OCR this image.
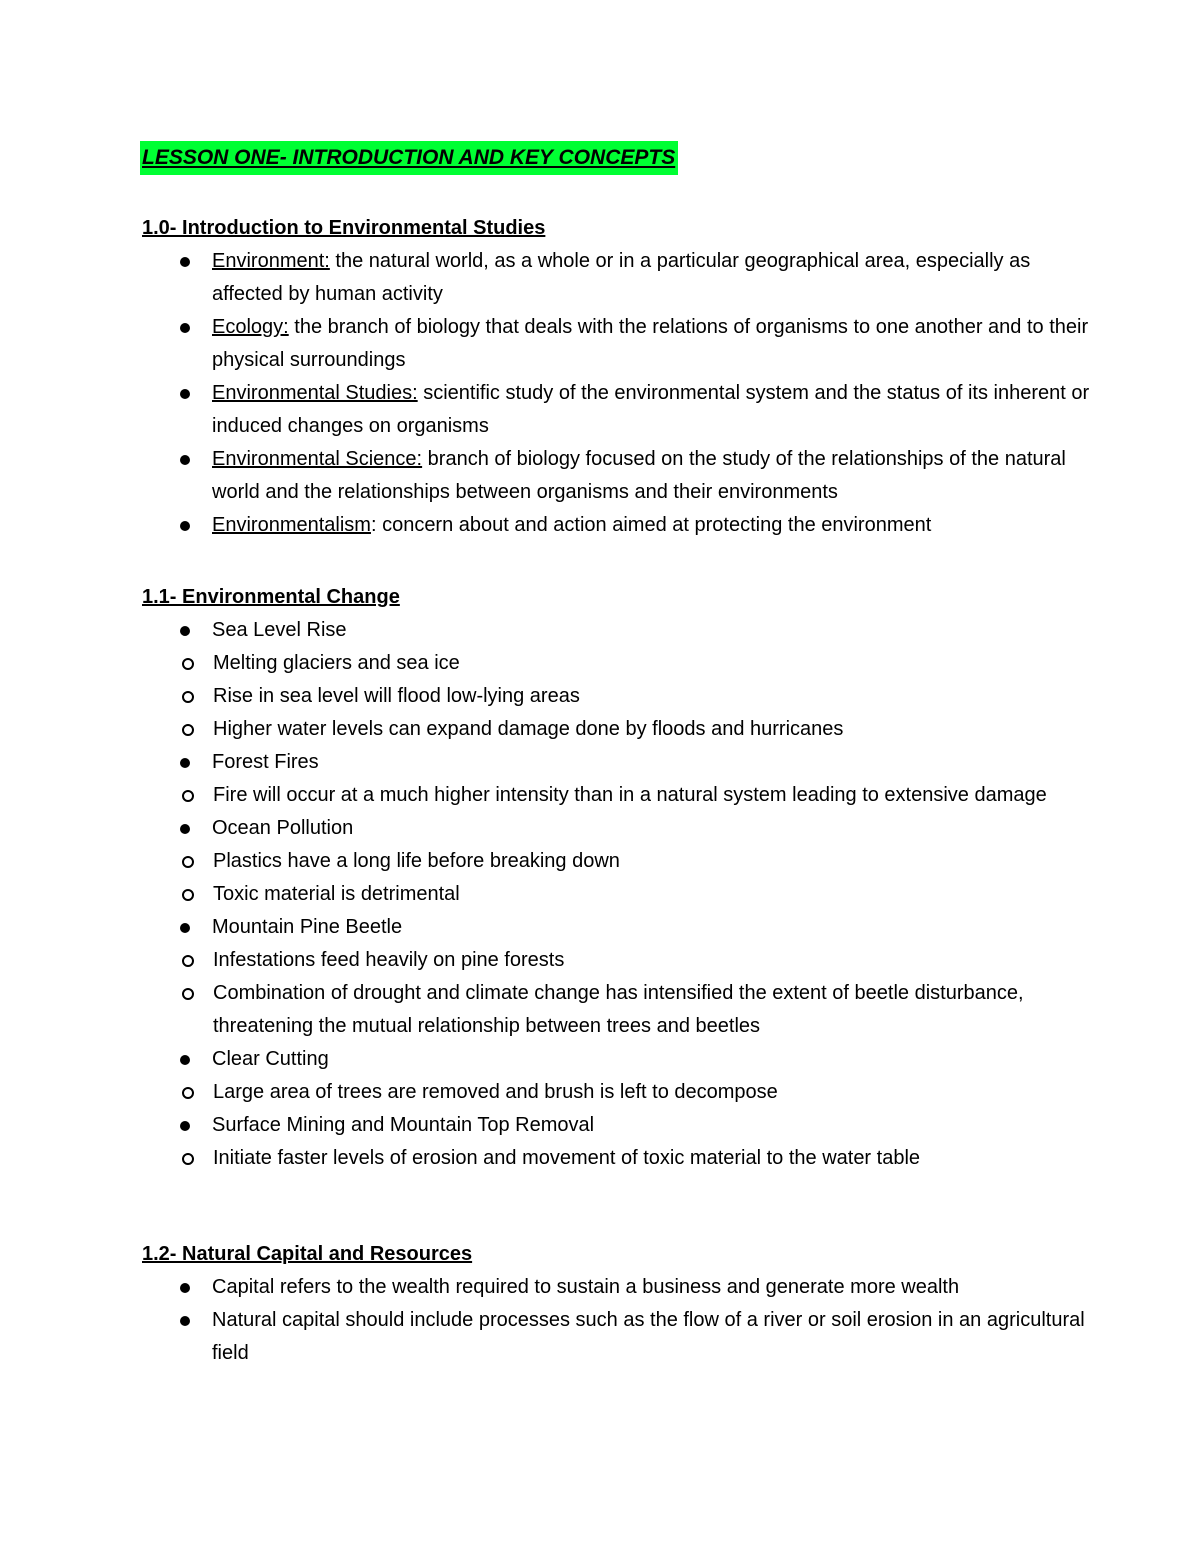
LESSON ONE- INTRODUCTION AND KEY CONCEPTS
1.0- Introduction to Environmental Studies
Environment: the natural world, as a whole or in a particular geographical area, especially as affected by human activity
Ecology: the branch of biology that deals with the relations of organisms to one another and to their physical surroundings
Environmental Studies: scientific study of the environmental system and the status of its inherent or induced changes on organisms
Environmental Science: branch of biology focused on the study of the relationships of the natural world and the relationships between organisms and their environments
Environmentalism: concern about and action aimed at protecting the environment
1.1- Environmental Change
Sea Level Rise
Melting glaciers and sea ice
Rise in sea level will flood low-lying areas
Higher water levels can expand damage done by floods and hurricanes
Forest Fires
Fire will occur at a much higher intensity than in a natural system leading to extensive damage
Ocean Pollution
Plastics have a long life before breaking down
Toxic material is detrimental
Mountain Pine Beetle
Infestations feed heavily on pine forests
Combination of drought and climate change has intensified the extent of beetle disturbance, threatening the mutual relationship between trees and beetles
Clear Cutting
Large area of trees are removed and brush is left to decompose
Surface Mining and Mountain Top Removal
Initiate faster levels of erosion and movement of toxic material to the water table
1.2- Natural Capital and Resources
Capital refers to the wealth required to sustain a business and generate more wealth
Natural capital should include processes such as the flow of a river or soil erosion in an agricultural field
